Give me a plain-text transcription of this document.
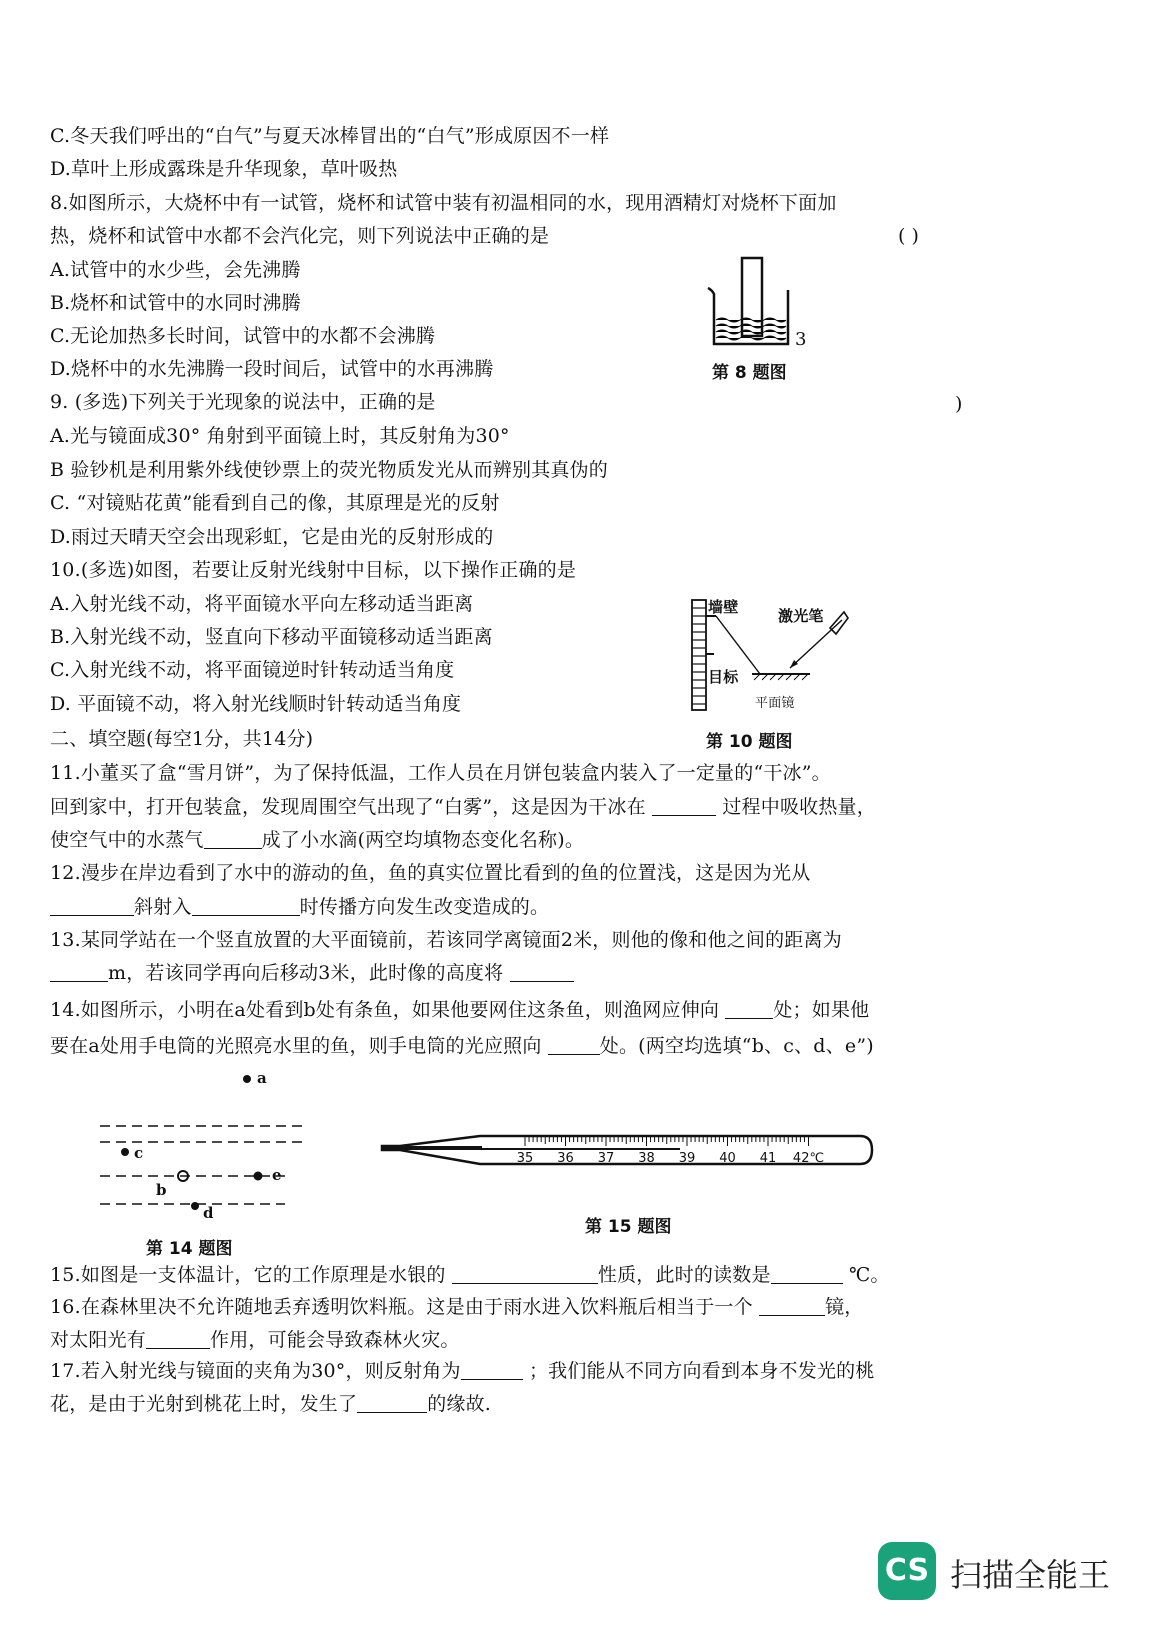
C.冬天我们呼出的“白气”与夏天冰棒冒出的“白气”形成原因不一样
D.草叶上形成露珠是升华现象，草叶吸热
8.如图所示，大烧杯中有一试管，烧杯和试管中装有初温相同的水，现用酒精灯对烧杯下面加
热，烧杯和试管中水都不会汽化完，则下列说法中正确的是	( )
A.试管中的水少些，会先沸腾
B.烧杯和试管中的水同时沸腾
C.无论加热多长时间，试管中的水都不会沸腾
D.烧杯中的水先沸腾一段时间后，试管中的水再沸腾
9. (多选)下列关于光现象的说法中，正确的是	)
A.光与镜面成30° 角射到平面镜上时，其反射角为30°
B 验钞机是利用紫外线使钞票上的荧光物质发光从而辨别其真伪的
C. “对镜贴花黄”能看到自己的像，其原理是光的反射
D.雨过天晴天空会出现彩虹，它是由光的反射形成的
10.(多选)如图，若要让反射光线射中目标，以下操作正确的是
A.入射光线不动，将平面镜水平向左移动适当距离
B.入射光线不动，竖直向下移动平面镜移动适当距离
C.入射光线不动，将平面镜逆时针转动适当角度
D. 平面镜不动，将入射光线顺时针转动适当角度
二、填空题(每空1分，共14分)
11.小董买了盒“雪月饼”，为了保持低温，工作人员在月饼包装盒内装入了一定量的“干冰”。
回到家中，打开包装盒，发现周围空气出现了“白雾”，这是因为干冰在	过程中吸收热量，
使空气中的水蒸气	成了小水滴(两空均填物态变化名称)。
12.漫步在岸边看到了水中的游动的鱼，鱼的真实位置比看到的鱼的位置浅，这是因为光从
斜射入	时传播方向发生改变造成的。
13.某同学站在一个竖直放置的大平面镜前，若该同学离镜面2米，则他的像和他之间的距离为
m，若该同学再向后移动3米，此时像的高度将
14.如图所示，小明在a处看到b处有条鱼，如果他要网住这条鱼，则渔网应伸向	处；如果他
要在a处用手电筒的光照亮水里的鱼，则手电筒的光应照向	处。(两空均选填“b、c、d、e”)
3
第 8 题图
墙壁	激光笔
目标
平面镜
第 10 题图
a
c
b
e
d
第 14 题图
35 36 37 38 39 40 41 42℃
第 15 题图
15.如图是一支体温计，它的工作原理是水银的	性质，此时的读数是	℃。
16.在森林里决不允许随地丢弃透明饮料瓶。这是由于雨水进入饮料瓶后相当于一个	镜，
对太阳光有	作用，可能会导致森林火灾。
17.若入射光线与镜面的夹角为30°，则反射角为	；我们能从不同方向看到本身不发光的桃
花，是由于光射到桃花上时，发生了	的缘故.
CS 扫描全能王
